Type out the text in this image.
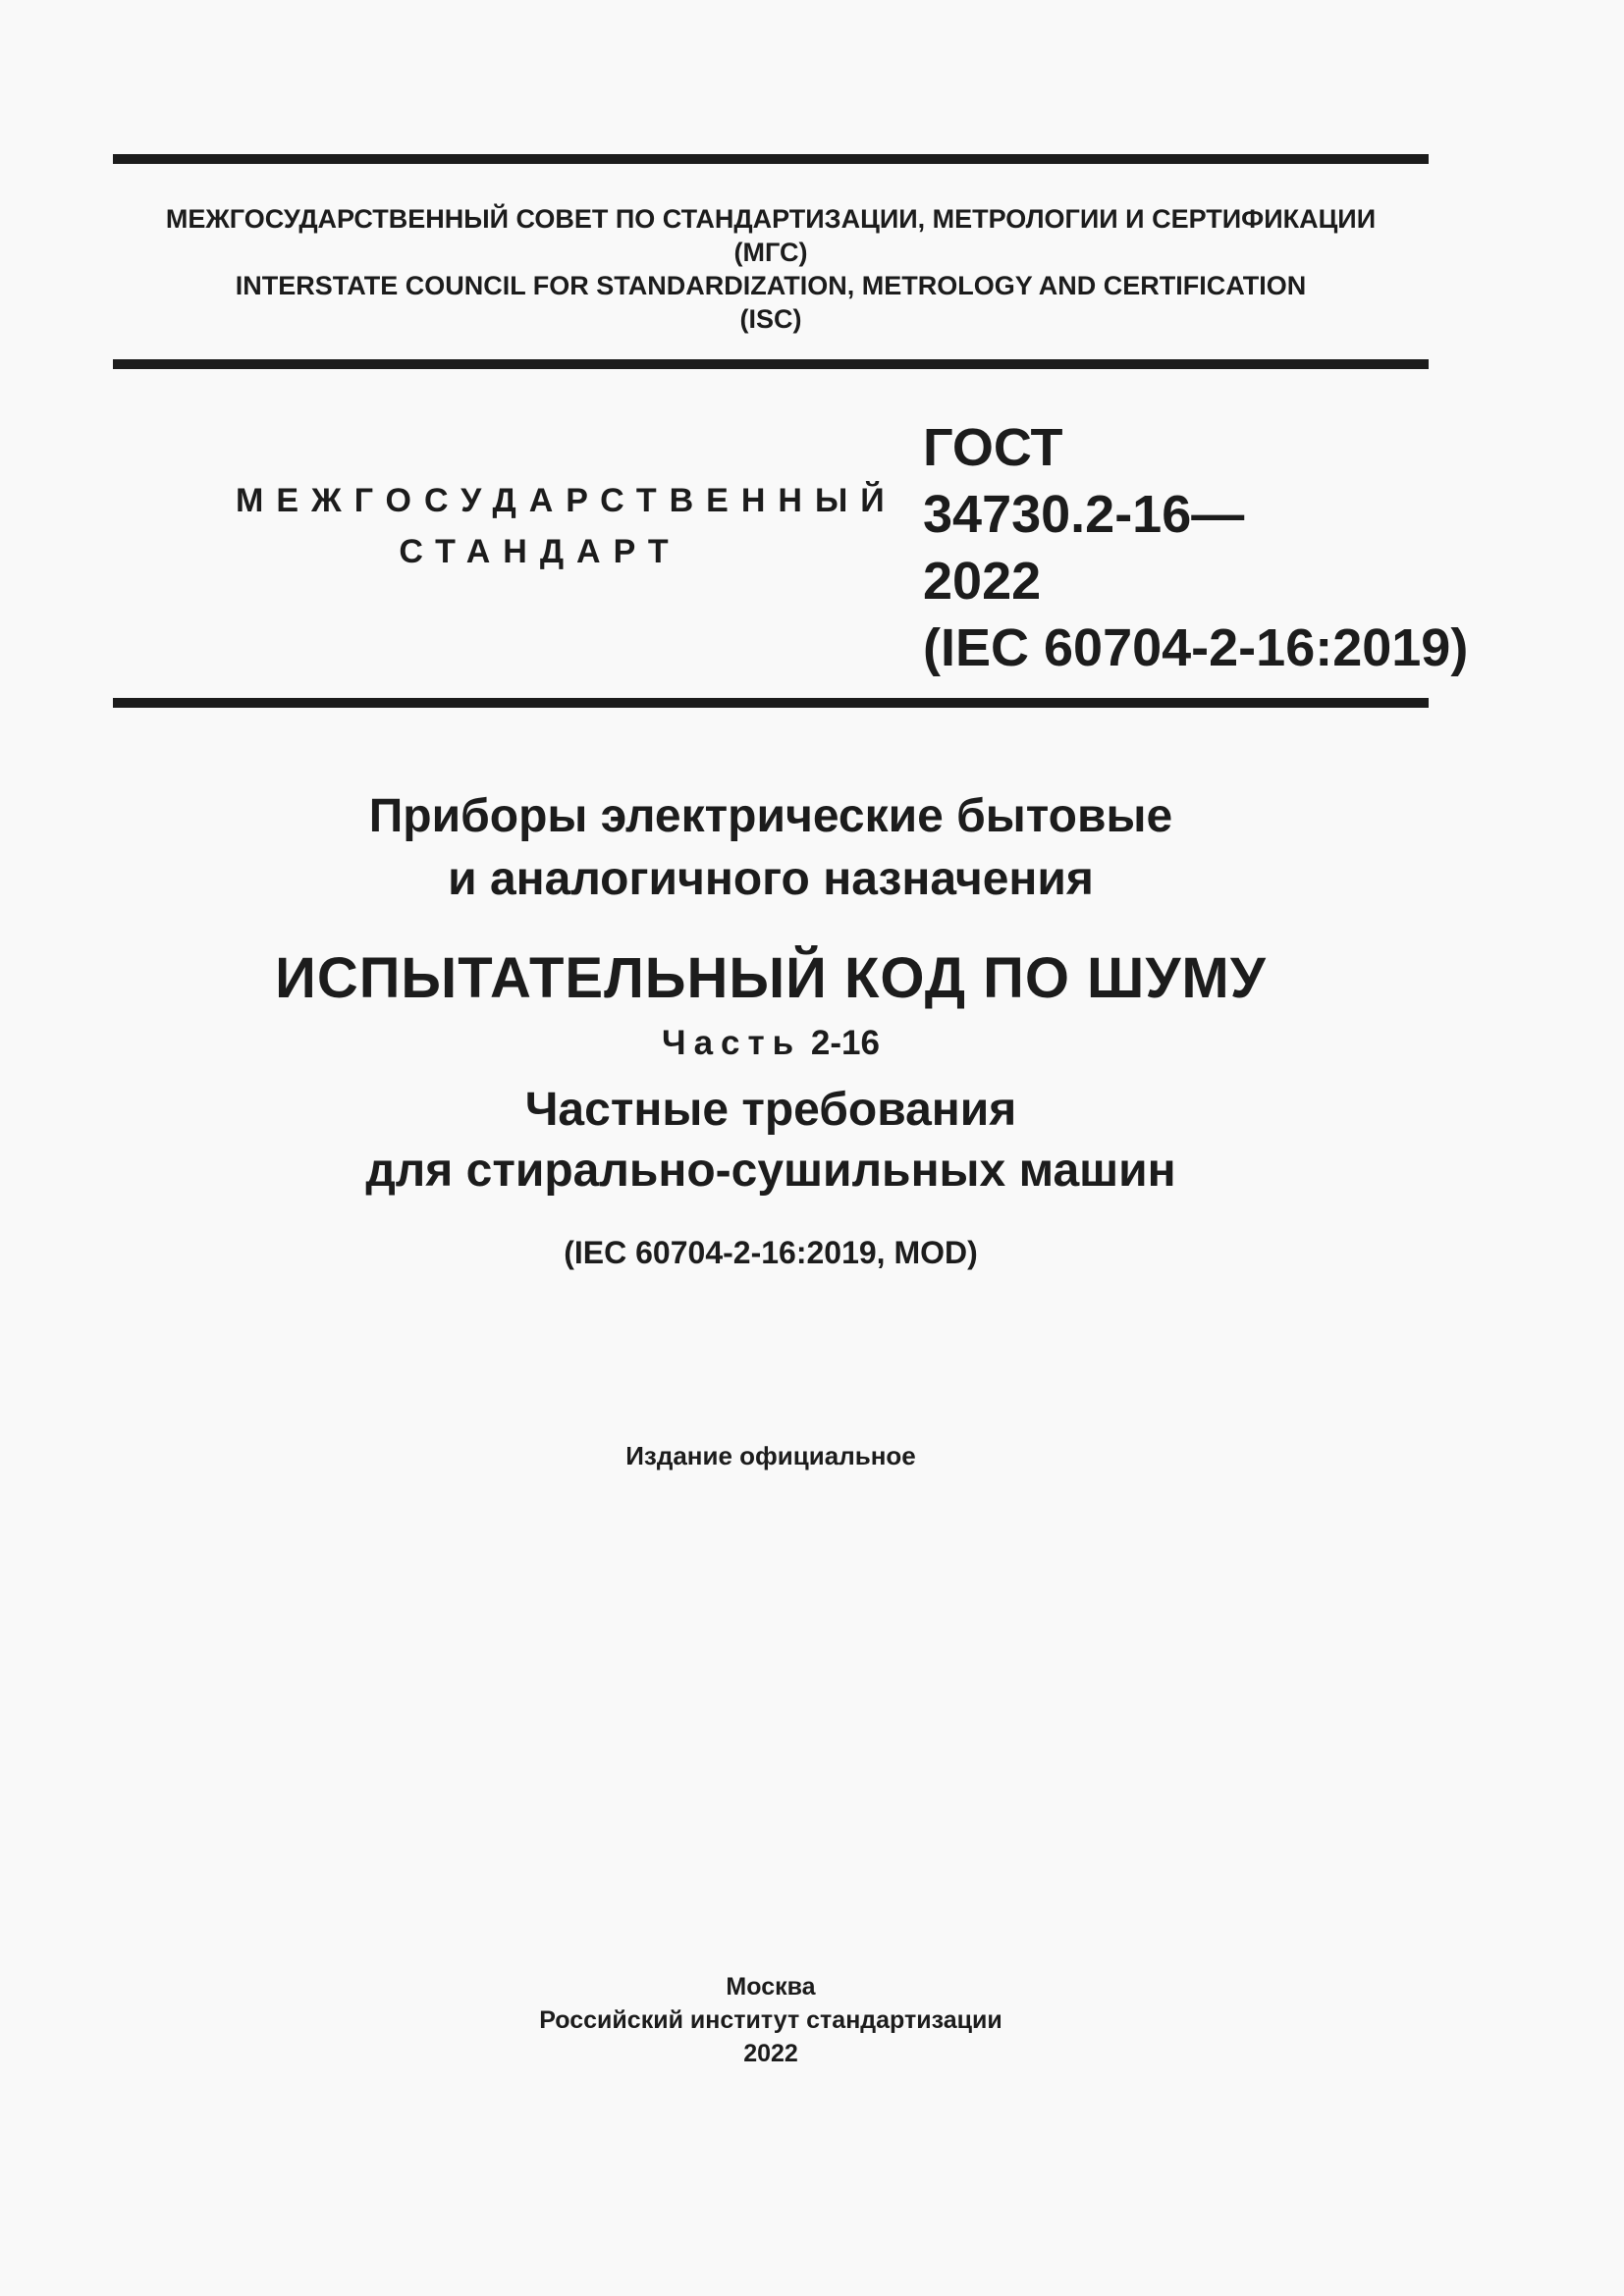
МЕЖГОСУДАРСТВЕННЫЙ СОВЕТ ПО СТАНДАРТИЗАЦИИ, МЕТРОЛОГИИ И СЕРТИФИКАЦИИ
(МГС)
INTERSTATE COUNCIL FOR STANDARDIZATION, METROLOGY AND CERTIFICATION
(ISC)
МЕЖГОСУДАРСТВЕННЫЙ
СТАНДАРТ
ГОСТ
34730.2-16—
2022
(IEC 60704-2-16:2019)
Приборы электрические бытовые
и аналогичного назначения
ИСПЫТАТЕЛЬНЫЙ КОД ПО ШУМУ
Часть 2-16
Частные требования
для стирально-сушильных машин
(IEC 60704-2-16:2019, MOD)
Издание официальное
Москва
Российский институт стандартизации
2022
